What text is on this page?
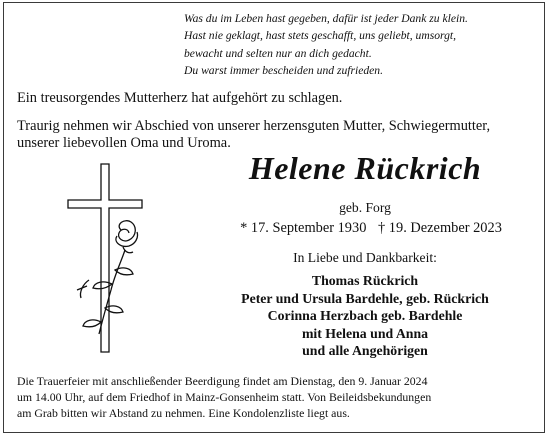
Was du im Leben hast gegeben, dafür ist jeder Dank zu klein.
Hast nie geklagt, hast stets geschafft, uns geliebt, umsorgt,
bewacht und selten nur an dich gedacht.
Du warst immer bescheiden und zufrieden.
Ein treusorgendes Mutterherz hat aufgehört zu schlagen.
Traurig nehmen wir Abschied von unserer herzensguten Mutter, Schwiegermutter,
unserer liebevollen Oma und Uroma.
Helene Rückrich
geb. Forg
* 17. September 1930 † 19. Dezember 2023
In Liebe und Dankbarkeit:
Thomas Rückrich
Peter und Ursula Bardehle, geb. Rückrich
Corinna Herzbach geb. Bardehle
mit Helena und Anna
und alle Angehörigen
Die Trauerfeier mit anschließender Beerdigung findet am Dienstag, den 9. Januar 2024
um 14.00 Uhr, auf dem Friedhof in Mainz-Gonsenheim statt. Von Beileidsbekundungen
am Grab bitten wir Abstand zu nehmen. Eine Kondolenzliste liegt aus.
